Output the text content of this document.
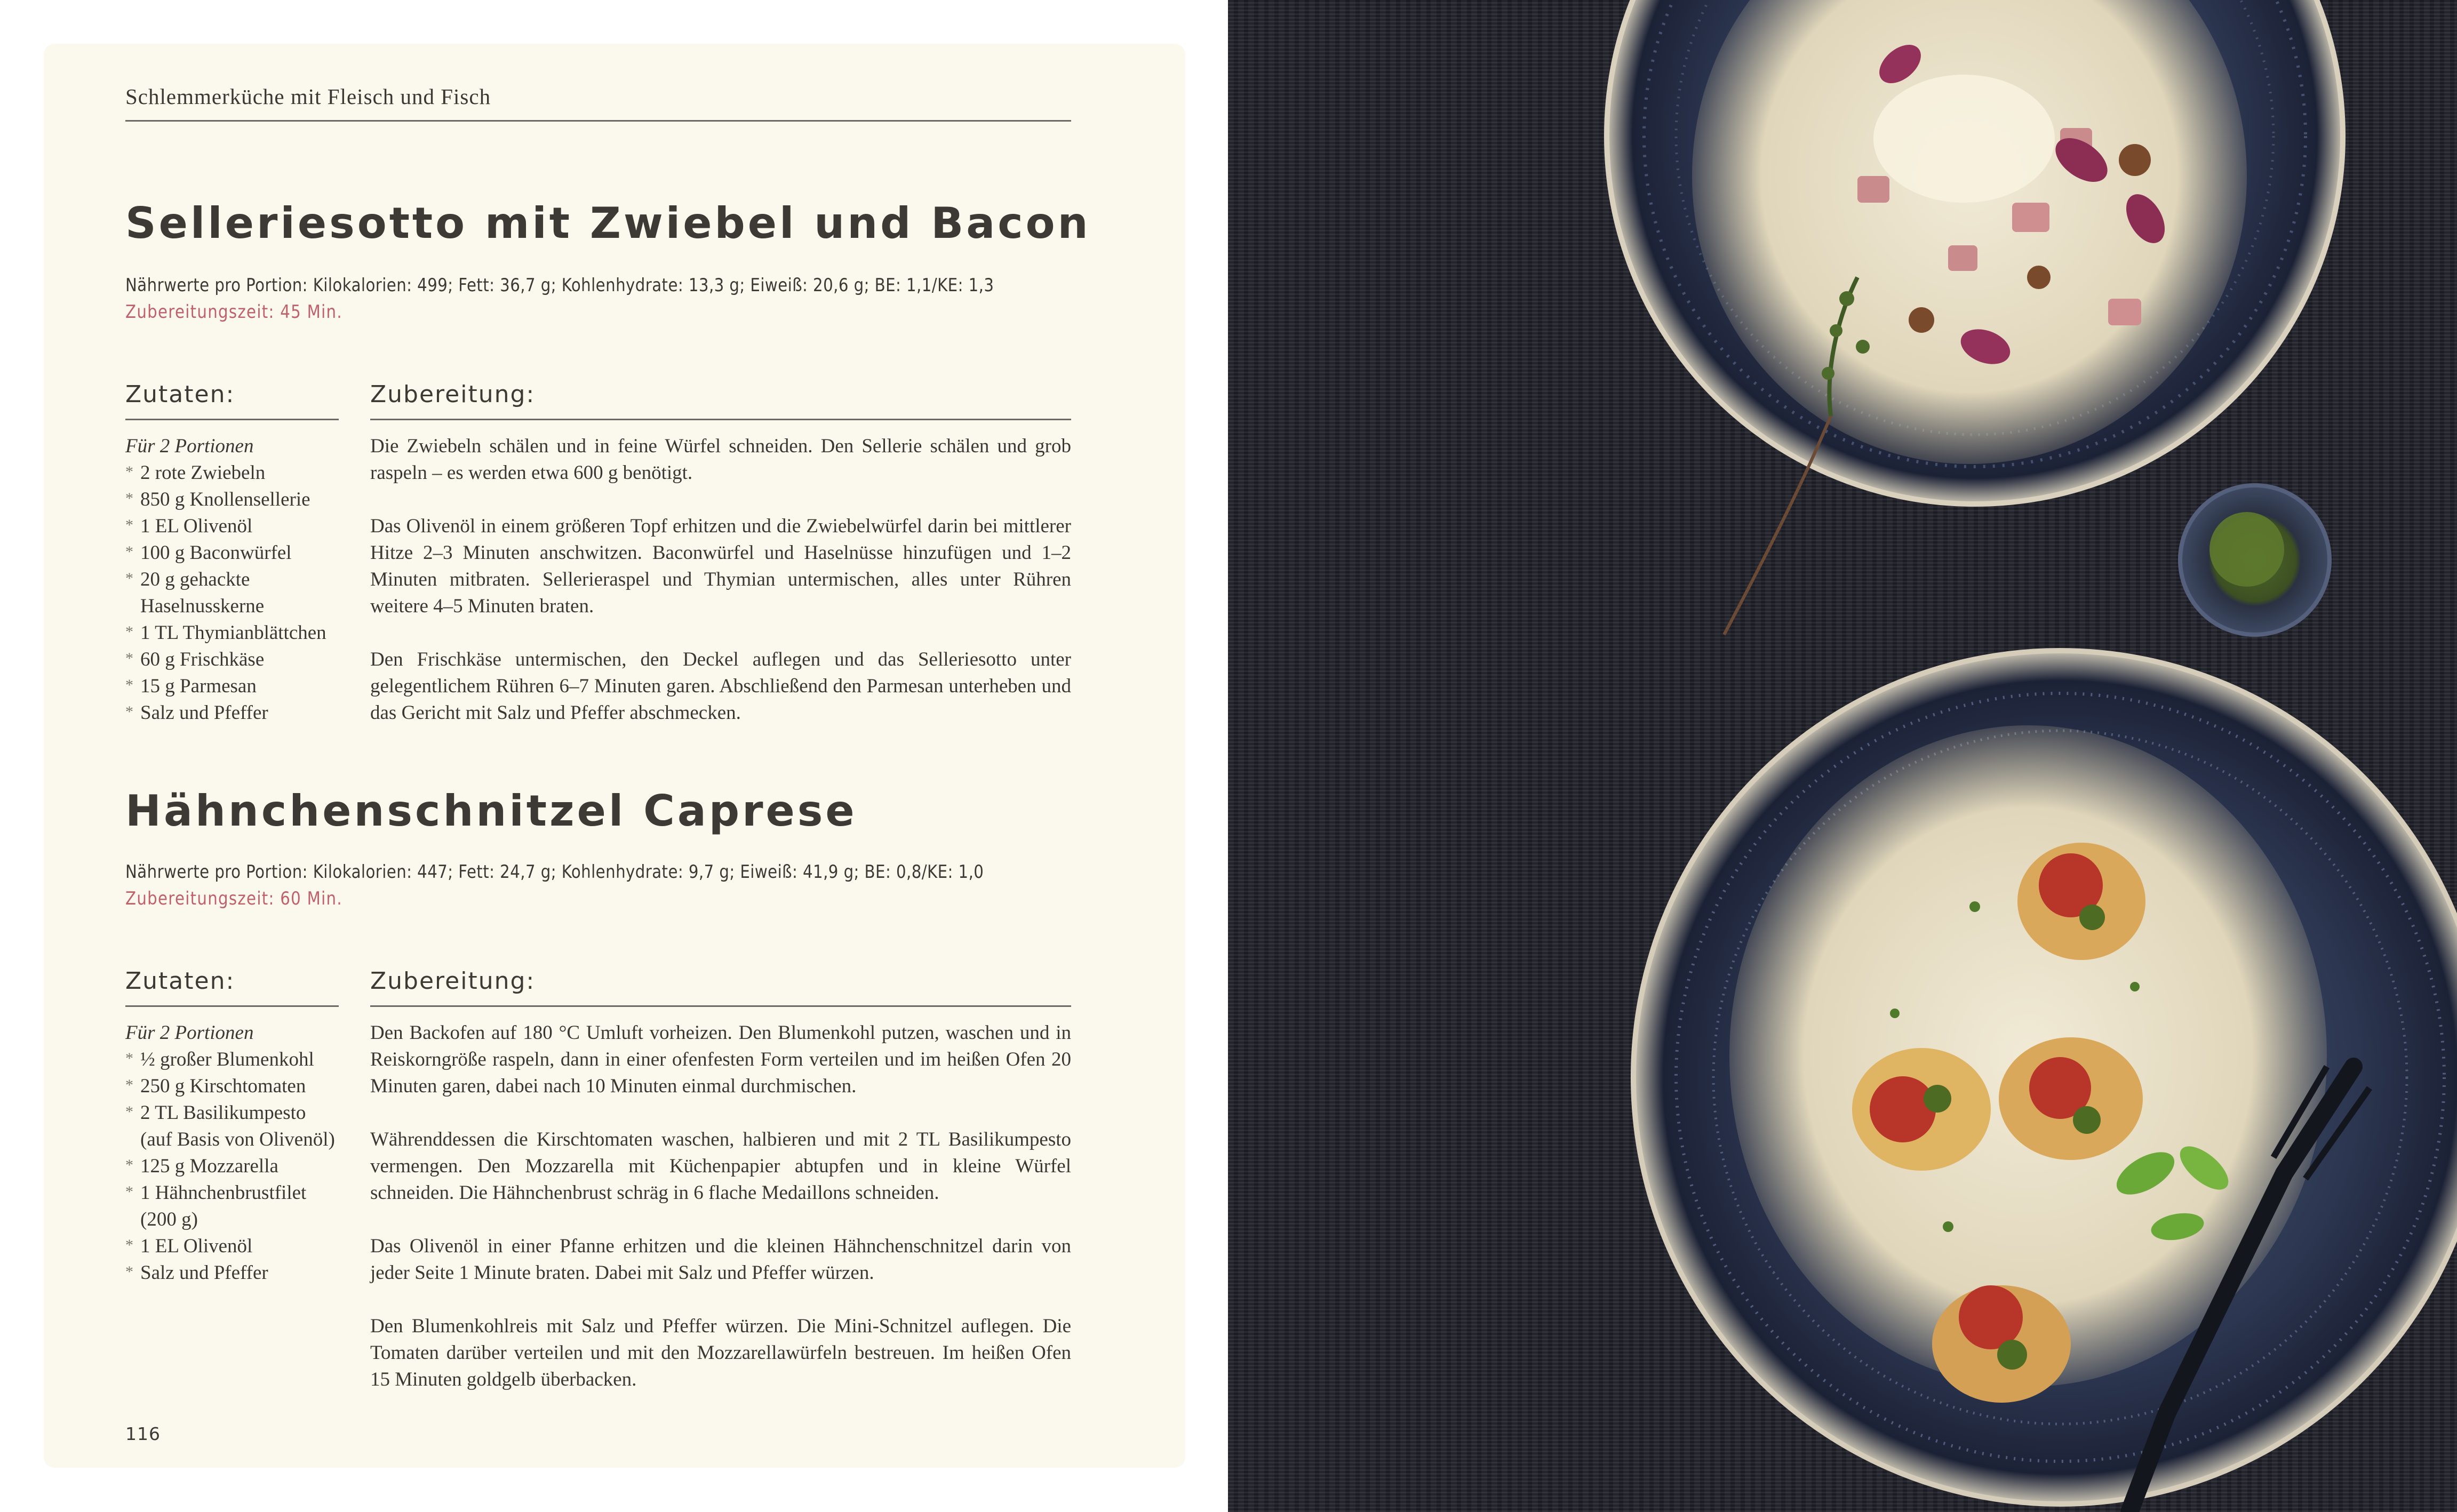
Schlemmerküche mit Fleisch und Fisch
Selleriesotto mit Zwiebel und Bacon
Nährwerte pro Portion: Kilokalorien: 499; Fett: 36,7 g; Kohlenhydrate: 13,3 g; Eiweiß: 20,6 g; BE: 1,1/KE: 1,3
Zubereitungszeit: 45 Min.
Zutaten:	Zubereitung:
Für 2 Portionen
* 2 rote Zwiebeln
* 850 g Knollensellerie
* 1 EL Olivenöl
* 100 g Baconwürfel
* 20 g gehackte Haselnusskerne
* 1 TL Thymianblättchen
* 60 g Frischkäse
* 15 g Parmesan
* Salz und Pfeffer

Die Zwiebeln schälen und in feine Würfel schneiden. Den Sellerie schälen und grob raspeln – es werden etwa 600 g benötigt.

Das Olivenöl in einem größeren Topf erhitzen und die Zwiebelwürfel darin bei mittlerer Hitze 2–3 Minuten anschwitzen. Baconwürfel und Haselnüsse hinzufügen und 1–2 Minuten mitbraten. Sellerieraspel und Thymian untermischen, alles unter Rühren weitere 4–5 Minuten braten.

Den Frischkäse untermischen, den Deckel auflegen und das Selleriesotto unter gelegentlichem Rühren 6–7 Minuten garen. Abschließend den Parmesan unterheben und das Gericht mit Salz und Pfeffer abschmecken.

Hähnchenschnitzel Caprese
Nährwerte pro Portion: Kilokalorien: 447; Fett: 24,7 g; Kohlenhydrate: 9,7 g; Eiweiß: 41,9 g; BE: 0,8/KE: 1,0
Zubereitungszeit: 60 Min.
Zutaten:	Zubereitung:
Für 2 Portionen
* ½ großer Blumenkohl
* 250 g Kirschtomaten
* 2 TL Basilikumpesto (auf Basis von Olivenöl)
* 125 g Mozzarella
* 1 Hähnchenbrustfilet (200 g)
* 1 EL Olivenöl
* Salz und Pfeffer

Den Backofen auf 180 °C Umluft vorheizen. Den Blumenkohl putzen, waschen und in Reiskorngröße raspeln, dann in einer ofenfesten Form verteilen und im heißen Ofen 20 Minuten garen, dabei nach 10 Minuten einmal durchmischen.

Währenddessen die Kirschtomaten waschen, halbieren und mit 2 TL Basilikumpesto vermengen. Den Mozzarella mit Küchenpapier abtupfen und in kleine Würfel schneiden. Die Hähnchenbrust schräg in 6 flache Medaillons schneiden.

Das Olivenöl in einer Pfanne erhitzen und die kleinen Hähnchenschnitzel darin von jeder Seite 1 Minute braten. Dabei mit Salz und Pfeffer würzen.

Den Blumenkohlreis mit Salz und Pfeffer würzen. Die Mini-Schnitzel auflegen. Die Tomaten darüber verteilen und mit den Mozzarellawürfeln bestreuen. Im heißen Ofen 15 Minuten goldgelb überbacken.

116
